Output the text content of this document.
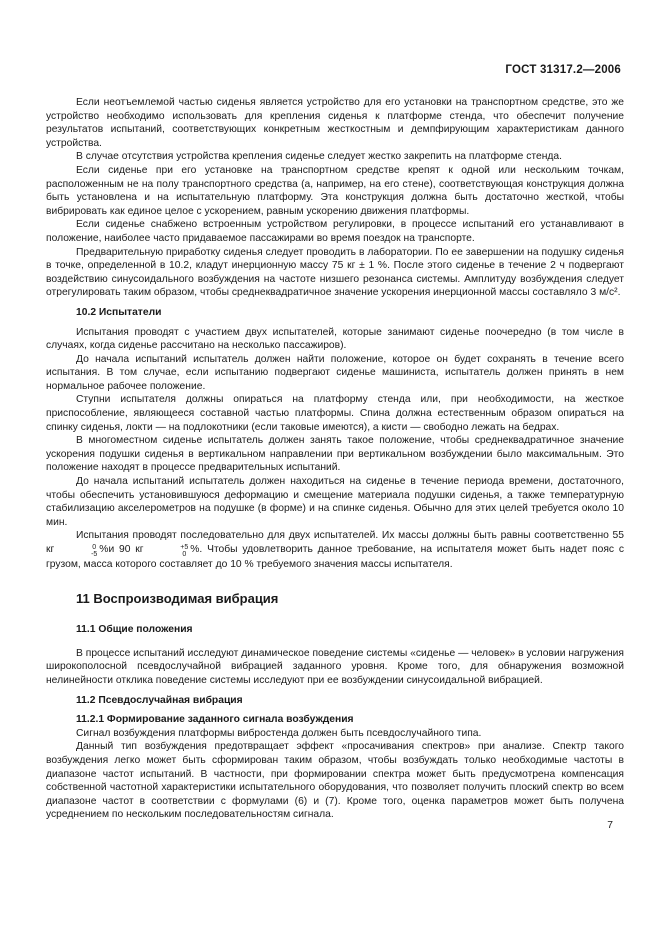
ГОСТ 31317.2—2006

Если неотъемлемой частью сиденья является устройство для его установки на транспортном средстве, это же устройство необходимо использовать для крепления сиденья к платформе стенда, что обеспечит получение результатов испытаний, соответствующих конкретным жесткостным и демпфирующим характеристикам данного устройства.

В случае отсутствия устройства крепления сиденье следует жестко закрепить на платформе стенда.

Если сиденье при его установке на транспортном средстве крепят к одной или нескольким точкам, расположенным не на полу транспортного средства (а, например, на его стене), соответствующая конструкция должна быть установлена и на испытательную платформу. Эта конструкция должна быть достаточно жесткой, чтобы вибрировать как единое целое с ускорением, равным ускорению движения платформы.

Если сиденье снабжено встроенным устройством регулировки, в процессе испытаний его устанавливают в положение, наиболее часто придаваемое пассажирами во время поездок на транспорте.

Предварительную приработку сиденья следует проводить в лаборатории. По ее завершении на подушку сиденья в точке, определенной в 10.2, кладут инерционную массу 75 кг ± 1 %. После этого сиденье в течение 2 ч подвергают воздействию синусоидального возбуждения на частоте низшего резонанса системы. Амплитуду возбуждения следует отрегулировать таким образом, чтобы среднеквадратичное значение ускорения инерционной массы составляло 3 м/с².

10.2 Испытатели

Испытания проводят с участием двух испытателей, которые занимают сиденье поочередно (в том числе в случаях, когда сиденье рассчитано на несколько пассажиров).

До начала испытаний испытатель должен найти положение, которое он будет сохранять в течение всего испытания. В том случае, если испытанию подвергают сиденье машиниста, испытатель должен принять в нем нормальное рабочее положение.

Ступни испытателя должны опираться на платформу стенда или, при необходимости, на жесткое приспособление, являющееся составной частью платформы. Спина должна естественным образом опираться на спинку сиденья, локти — на подлокотники (если таковые имеются), а кисти — свободно лежать на бедрах.

В многоместном сиденье испытатель должен занять такое положение, чтобы среднеквадратичное значение ускорения подушки сиденья в вертикальном направлении при вертикальном возбуждении было максимальным. Это положение находят в процессе предварительных испытаний.

До начала испытаний испытатель должен находиться на сиденье в течение периода времени, достаточного, чтобы обеспечить установившуюся деформацию и смещение материала подушки сиденья, а также температурную стабилизацию акселерометров на подушке (в форме) и на спинке сиденья. Обычно для этих целей требуется около 10 мин.

Испытания проводят последовательно для двух испытателей. Их массы должны быть равны соответственно 55 кг	0
-5 %и 90 кг	+5
0 %. Чтобы удовлетворить данное требование, на испытателя может быть надет пояс с грузом, масса которого составляет до 10 % требуемого значения массы испытателя.

11 Воспроизводимая вибрация
11.1 Общие положения

В процессе испытаний исследуют динамическое поведение системы «сиденье — человек» в условии нагружения широкополосной псевдослучайной вибрацией заданного уровня. Кроме того, для обнаружения возможной нелинейности отклика поведение системы исследуют при ее возбуждении синусоидальной вибрацией.

11.2 Псевдослучайная вибрация
11.2.1 Формирование заданного сигнала возбуждения

Сигнал возбуждения платформы вибростенда должен быть псевдослучайного типа.

Данный тип возбуждения предотвращает эффект «просачивания спектров» при анализе. Спектр такого возбуждения легко может быть сформирован таким образом, чтобы возбуждать только необходимые частоты в диапазоне частот испытаний. В частности, при формировании спектра может быть предусмотрена компенсация собственной частотной характеристики испытательного оборудования, что позволяет получить плоский спектр во всем диапазоне частот в соответствии с формулами (6) и (7). Кроме того, оценка параметров может быть получена усреднением по нескольким последовательностям сигнала.

7
